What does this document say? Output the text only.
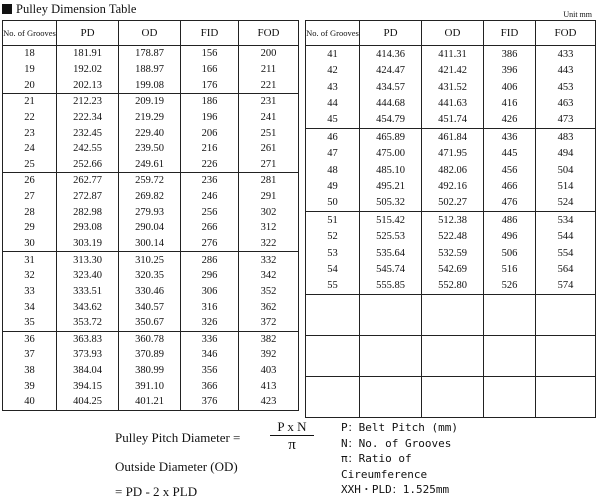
Pulley Dimension Table	Unit mm
No. of Grooves	PD	OD	FID	FOD
18	181.91	178.87	156	200
19	192.02	188.97	166	211
20	202.13	199.08	176	221
21	212.23	209.19	186	231
22	222.34	219.29	196	241
23	232.45	229.40	206	251
24	242.55	239.50	216	261
25	252.66	249.61	226	271
26	262.77	259.72	236	281
27	272.87	269.82	246	291
28	282.98	279.93	256	302
29	293.08	290.04	266	312
30	303.19	300.14	276	322
31	313.30	310.25	286	332
32	323.40	320.35	296	342
33	333.51	330.46	306	352
34	343.62	340.57	316	362
35	353.72	350.67	326	372
36	363.83	360.78	336	382
37	373.93	370.89	346	392
38	384.04	380.99	356	403
39	394.15	391.10	366	413
40	404.25	401.21	376	423
No. of Grooves	PD	OD	FID	FOD
41	414.36	411.31	386	433
42	424.47	421.42	396	443
43	434.57	431.52	406	453
44	444.68	441.63	416	463
45	454.79	451.74	426	473
46	465.89	461.84	436	483
47	475.00	471.95	445	494
48	485.10	482.06	456	504
49	495.21	492.16	466	514
50	505.32	502.27	476	524
51	515.42	512.38	486	534
52	525.53	522.48	496	544
53	535.64	532.59	506	554
54	545.74	542.69	516	564
55	555.85	552.80	526	574

Pulley Pitch Diameter = $\frac{\text{P x N}}{\pi}$
Outside Diameter (OD)
= PD - 2 x PLD
P：Belt Pitch (mm)
N：No. of Grooves
π：Ratio of
Cireumference
XXH・PLD：1.525mm
